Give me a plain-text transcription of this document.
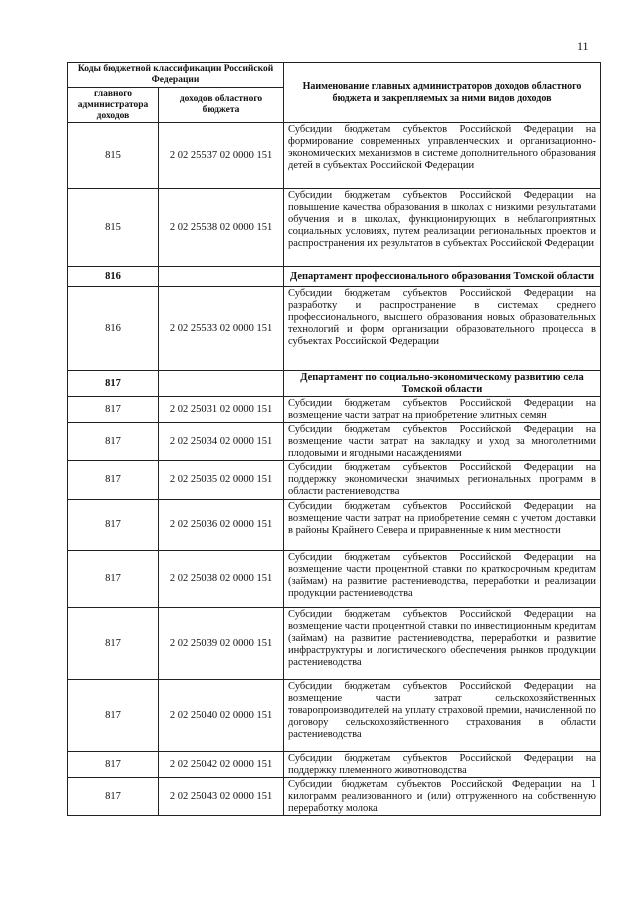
11
Коды бюджетной классификации Российской Федерации		Наименование главных администраторов доходов областного бюджета и закрепляемых за ними видов доходов
главного администратора доходов	доходов областного бюджета	
815	2 02 25537 02 0000 151	Субсидии бюджетам субъектов Российской Федерации на формирование современных управленческих и организационно-экономических механизмов в системе дополнительного образования детей в субъектах Российской Федерации
815	2 02 25538 02 0000 151	Субсидии бюджетам субъектов Российской Федерации на повышение качества образования в школах с низкими результатами обучения и в школах, функционирующих в неблагоприятных социальных условиях, путем реализации региональных проектов и распространения их результатов в субъектах Российской Федерации
816		Департамент профессионального образования Томской области
816	2 02 25533 02 0000 151	Субсидии бюджетам субъектов Российской Федерации на разработку и распространение в системах среднего профессионального, высшего образования новых образовательных технологий и форм организации образовательного процесса в субъектах Российской Федерации
817		Департамент по социально-экономическому развитию села Томской области
817	2 02 25031 02 0000 151	Субсидии бюджетам субъектов Российской Федерации на возмещение части затрат на приобретение элитных семян
817	2 02 25034 02 0000 151	Субсидии бюджетам субъектов Российской Федерации на возмещение части затрат на закладку и уход за многолетними плодовыми и ягодными насаждениями
817	2 02 25035 02 0000 151	Субсидии бюджетам субъектов Российской Федерации на поддержку экономически значимых региональных программ в области растениеводства
817	2 02 25036 02 0000 151	Субсидии бюджетам субъектов Российской Федерации на возмещение части затрат на приобретение семян с учетом доставки в районы Крайнего Севера и приравненные к ним местности
817	2 02 25038 02 0000 151	Субсидии бюджетам субъектов Российской Федерации на возмещение части процентной ставки по краткосрочным кредитам (займам) на развитие растениеводства, переработки и реализации продукции растениеводства
817	2 02 25039 02 0000 151	Субсидии бюджетам субъектов Российской Федерации на возмещение части процентной ставки по инвестиционным кредитам (займам) на развитие растениеводства, переработки и развитие инфраструктуры и логистического обеспечения рынков продукции растениеводства
817	2 02 25040 02 0000 151	Субсидии бюджетам субъектов Российской Федерации на возмещение части затрат сельскохозяйственных товаропроизводителей на уплату страховой премии, начисленной по договору сельскохозяйственного страхования в области растениеводства
817	2 02 25042 02 0000 151	Субсидии бюджетам субъектов Российской Федерации на поддержку племенного животноводства
817	2 02 25043 02 0000 151	Субсидии бюджетам субъектов Российской Федерации на 1 килограмм реализованного и (или) отгруженного на собственную переработку молока
